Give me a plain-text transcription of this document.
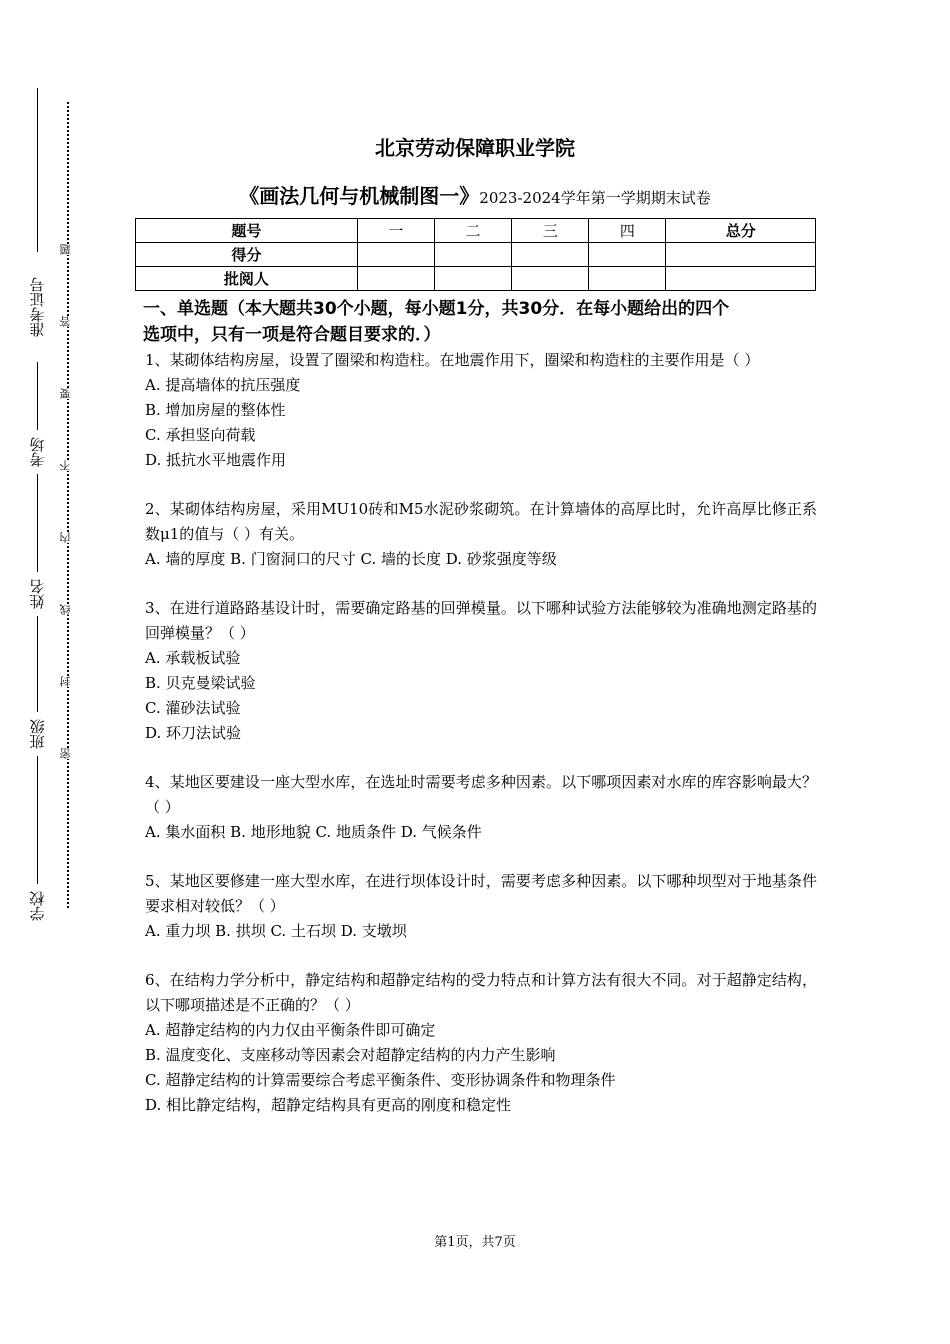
准考证号
考场
姓名
班级
学校
题
答
要
不
内
线
封
密
北京劳动保障职业学院
《画法几何与机械制图一》2023-2024学年第一学期期末试卷
题号	一	二	三	四	总分
得分					
批阅人					
一、单选题（本大题共30个小题，每小题1分，共30分．在每小题给出的四个
选项中，只有一项是符合题目要求的．）
1、某砌体结构房屋，设置了圈梁和构造柱。在地震作用下，圈梁和构造柱的主要作用是（ ）
A. 提高墙体的抗压强度
B. 增加房屋的整体性
C. 承担竖向荷载
D. 抵抗水平地震作用
2、某砌体结构房屋，采用MU10砖和M5水泥砂浆砌筑。在计算墙体的高厚比时，允许高厚比修正系数μ1的值与（ ）有关。
A. 墙的厚度 B. 门窗洞口的尺寸 C. 墙的长度 D. 砂浆强度等级
3、在进行道路路基设计时，需要确定路基的回弹模量。以下哪种试验方法能够较为准确地测定路基的回弹模量？（ ）
A. 承载板试验
B. 贝克曼梁试验
C. 灌砂法试验
D. 环刀法试验
4、某地区要建设一座大型水库，在选址时需要考虑多种因素。以下哪项因素对水库的库容影响最大？（ ）
A. 集水面积 B. 地形地貌 C. 地质条件 D. 气候条件
5、某地区要修建一座大型水库，在进行坝体设计时，需要考虑多种因素。以下哪种坝型对于地基条件要求相对较低？（ ）
A. 重力坝 B. 拱坝 C. 土石坝 D. 支墩坝
6、在结构力学分析中，静定结构和超静定结构的受力特点和计算方法有很大不同。对于超静定结构，以下哪项描述是不正确的？（ ）
A. 超静定结构的内力仅由平衡条件即可确定
B. 温度变化、支座移动等因素会对超静定结构的内力产生影响
C. 超静定结构的计算需要综合考虑平衡条件、变形协调条件和物理条件
D. 相比静定结构，超静定结构具有更高的刚度和稳定性
第1页，共7页
